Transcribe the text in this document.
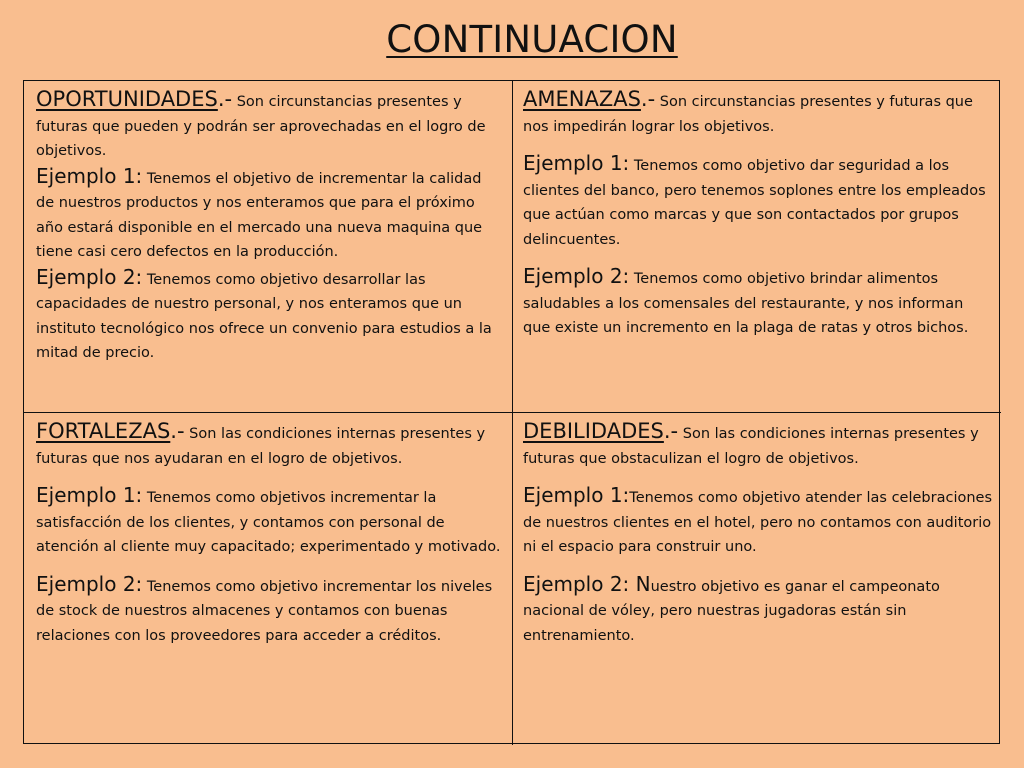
CONTINUACION

OPORTUNIDADES.- Son circunstancias presentes y futuras que pueden y podrán ser aprovechadas en el logro de objetivos.

Ejemplo 1: Tenemos el objetivo de incrementar la calidad de nuestros productos y nos enteramos que para el próximo año estará disponible en el mercado una nueva maquina que tiene casi cero defectos en la producción.

Ejemplo 2: Tenemos como objetivo desarrollar las capacidades de nuestro personal, y nos enteramos que un instituto tecnológico nos ofrece un convenio para estudios a la mitad de precio.

AMENAZAS.- Son circunstancias presentes y futuras que nos impedirán lograr los objetivos.

Ejemplo 1: Tenemos como objetivo dar seguridad a los clientes del banco, pero tenemos soplones entre los empleados que actúan como marcas y que son contactados por grupos delincuentes.

Ejemplo 2: Tenemos como objetivo brindar alimentos saludables a los comensales del restaurante, y nos informan que existe un incremento en la plaga de ratas y otros bichos.

FORTALEZAS.- Son las condiciones internas presentes y futuras que nos ayudaran en el logro de objetivos.

Ejemplo 1: Tenemos como objetivos incrementar la satisfacción de los clientes, y contamos con personal de atención al cliente muy capacitado; experimentado y motivado.

Ejemplo 2: Tenemos como objetivo incrementar los niveles de stock de nuestros almacenes y contamos con buenas relaciones con los proveedores para acceder a créditos.

DEBILIDADES.- Son las condiciones internas presentes y futuras que obstaculizan el logro de objetivos.

Ejemplo 1:Tenemos como objetivo atender las celebraciones de nuestros clientes en el hotel, pero no contamos con auditorio ni el espacio para construir uno.

Ejemplo 2: Nuestro objetivo es ganar el campeonato nacional de vóley, pero nuestras jugadoras están sin entrenamiento.
